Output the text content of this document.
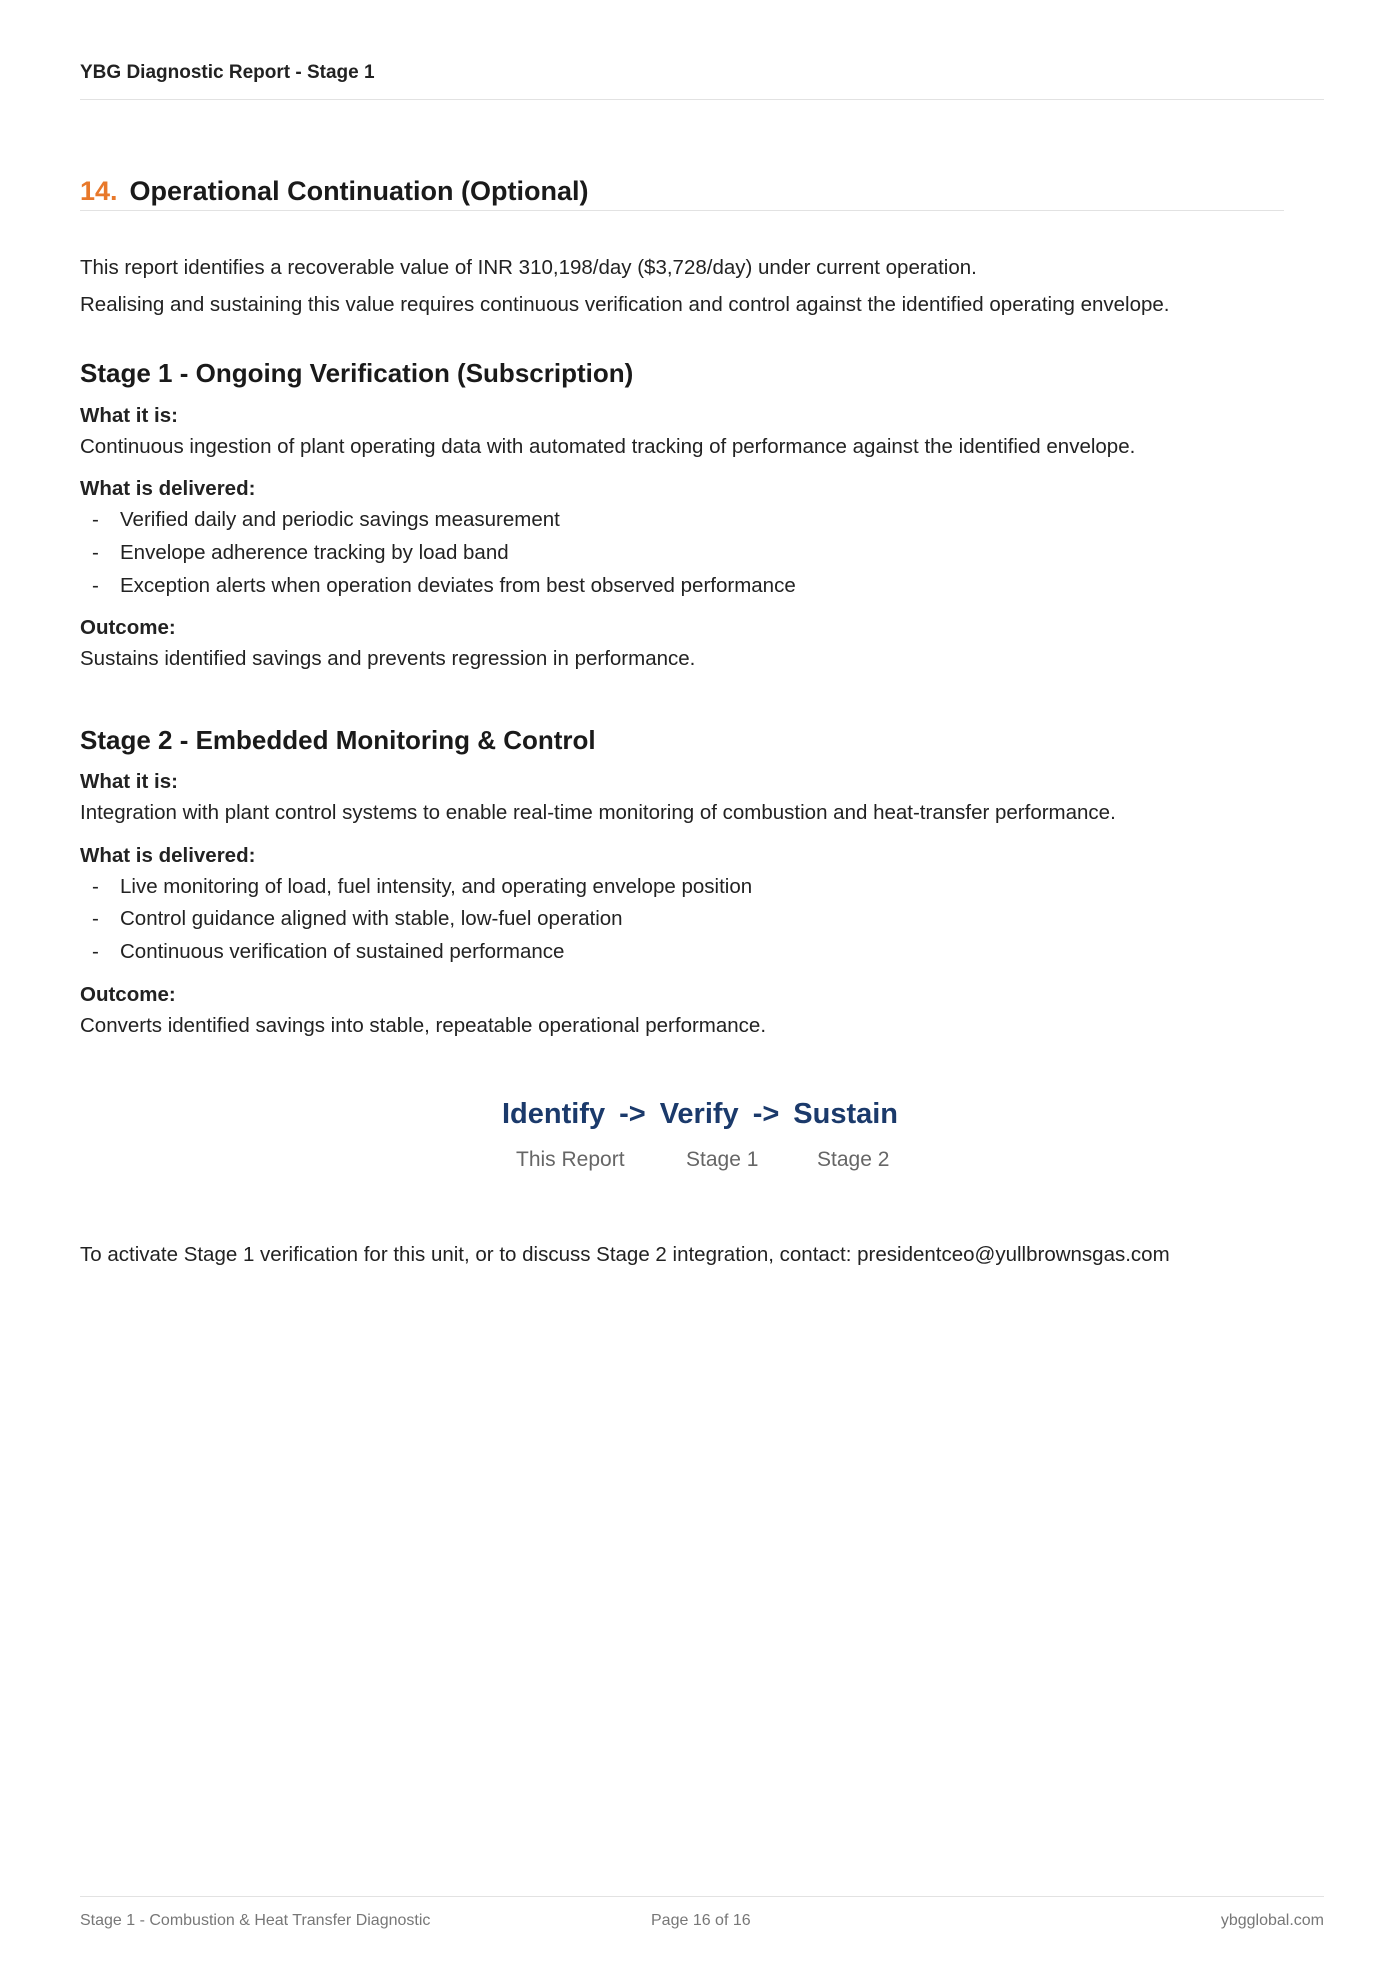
YBG Diagnostic Report - Stage 1
14. Operational Continuation (Optional)
This report identifies a recoverable value of INR 310,198/day ($3,728/day) under current operation.
Realising and sustaining this value requires continuous verification and control against the identified operating envelope.
Stage 1 - Ongoing Verification (Subscription)
What it is:
Continuous ingestion of plant operating data with automated tracking of performance against the identified envelope.
What is delivered:
- Verified daily and periodic savings measurement
- Envelope adherence tracking by load band
- Exception alerts when operation deviates from best observed performance
Outcome:
Sustains identified savings and prevents regression in performance.
Stage 2 - Embedded Monitoring & Control
What it is:
Integration with plant control systems to enable real-time monitoring of combustion and heat-transfer performance.
What is delivered:
- Live monitoring of load, fuel intensity, and operating envelope position
- Control guidance aligned with stable, low-fuel operation
- Continuous verification of sustained performance
Outcome:
Converts identified savings into stable, repeatable operational performance.
Identify -> Verify -> Sustain
This Report	Stage 1	Stage 2
To activate Stage 1 verification for this unit, or to discuss Stage 2 integration, contact: presidentceo@yullbrownsgas.com
Stage 1 - Combustion & Heat Transfer Diagnostic	Page 16 of 16	ybgglobal.com
